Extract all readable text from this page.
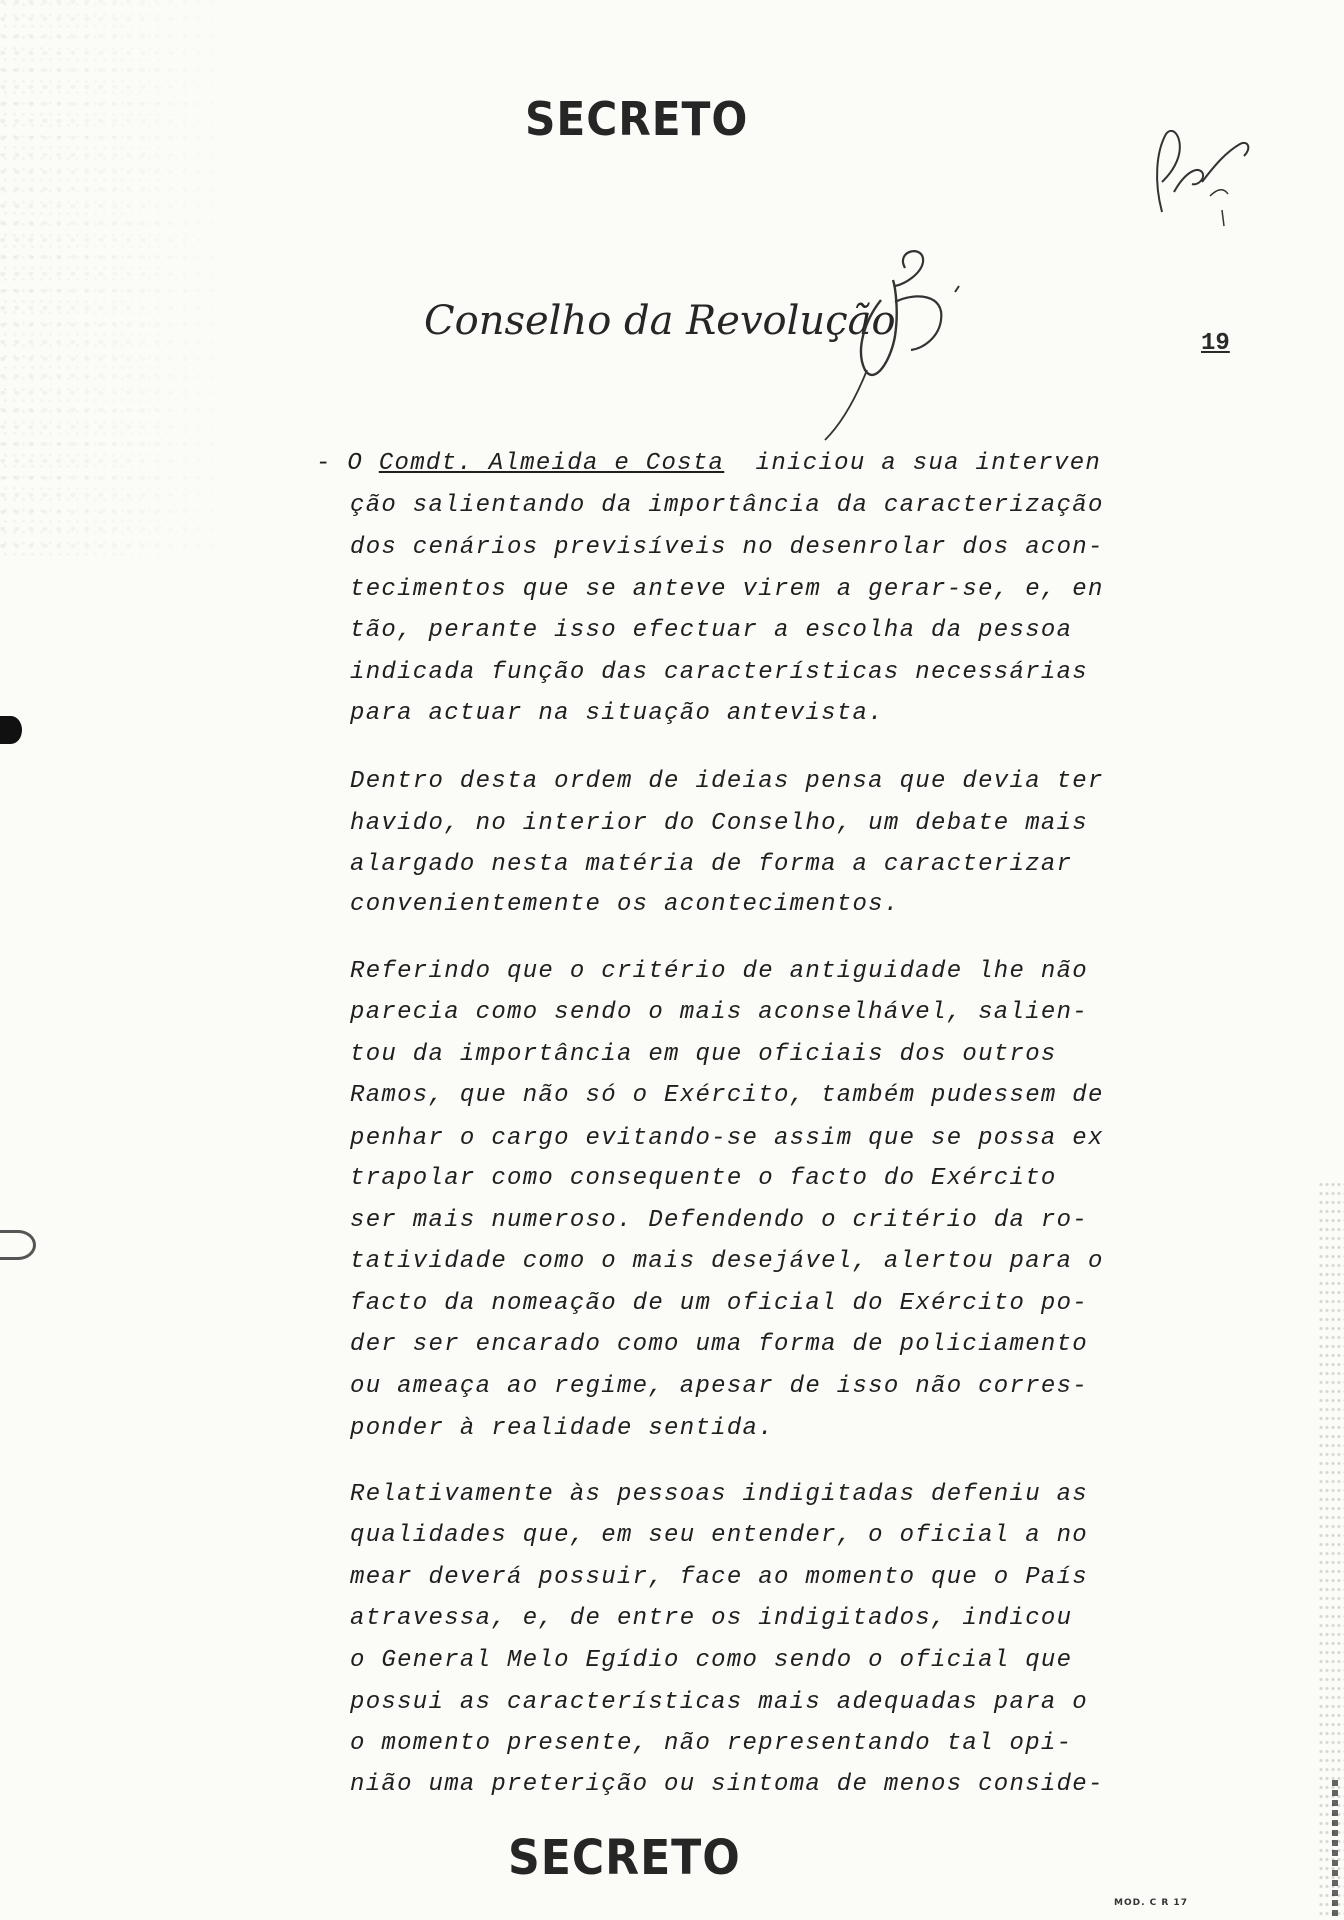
SECRETO
Conselho da Revolução	19
- O Comdt. Almeida e Costa  iniciou a sua interven
ção salientando da importância da caracterização
dos cenários previsíveis no desenrolar dos acon-
tecimentos que se anteve virem a gerar-se, e, en
tão, perante isso efectuar a escolha da pessoa
indicada função das características necessárias
para actuar na situação antevista.
Dentro desta ordem de ideias pensa que devia ter
havido, no interior do Conselho, um debate mais
alargado nesta matéria de forma a caracterizar
convenientemente os acontecimentos.
Referindo que o critério de antiguidade lhe não
parecia como sendo o mais aconselhável, salien-
tou da importância em que oficiais dos outros
Ramos, que não só o Exército, também pudessem de
penhar o cargo evitando-se assim que se possa ex
trapolar como consequente o facto do Exército
ser mais numeroso. Defendendo o critério da ro-
tatividade como o mais desejável, alertou para o
facto da nomeação de um oficial do Exército po-
der ser encarado como uma forma de policiamento
ou ameaça ao regime, apesar de isso não corres-
ponder à realidade sentida.
Relativamente às pessoas indigitadas defeniu as
qualidades que, em seu entender, o oficial a no
mear deverá possuir, face ao momento que o País
atravessa, e, de entre os indigitados, indicou
o General Melo Egídio como sendo o oficial que
possui as características mais adequadas para o
o momento presente, não representando tal opi-
nião uma preterição ou sintoma de menos conside-
SECRETO
MOD. C R 17
